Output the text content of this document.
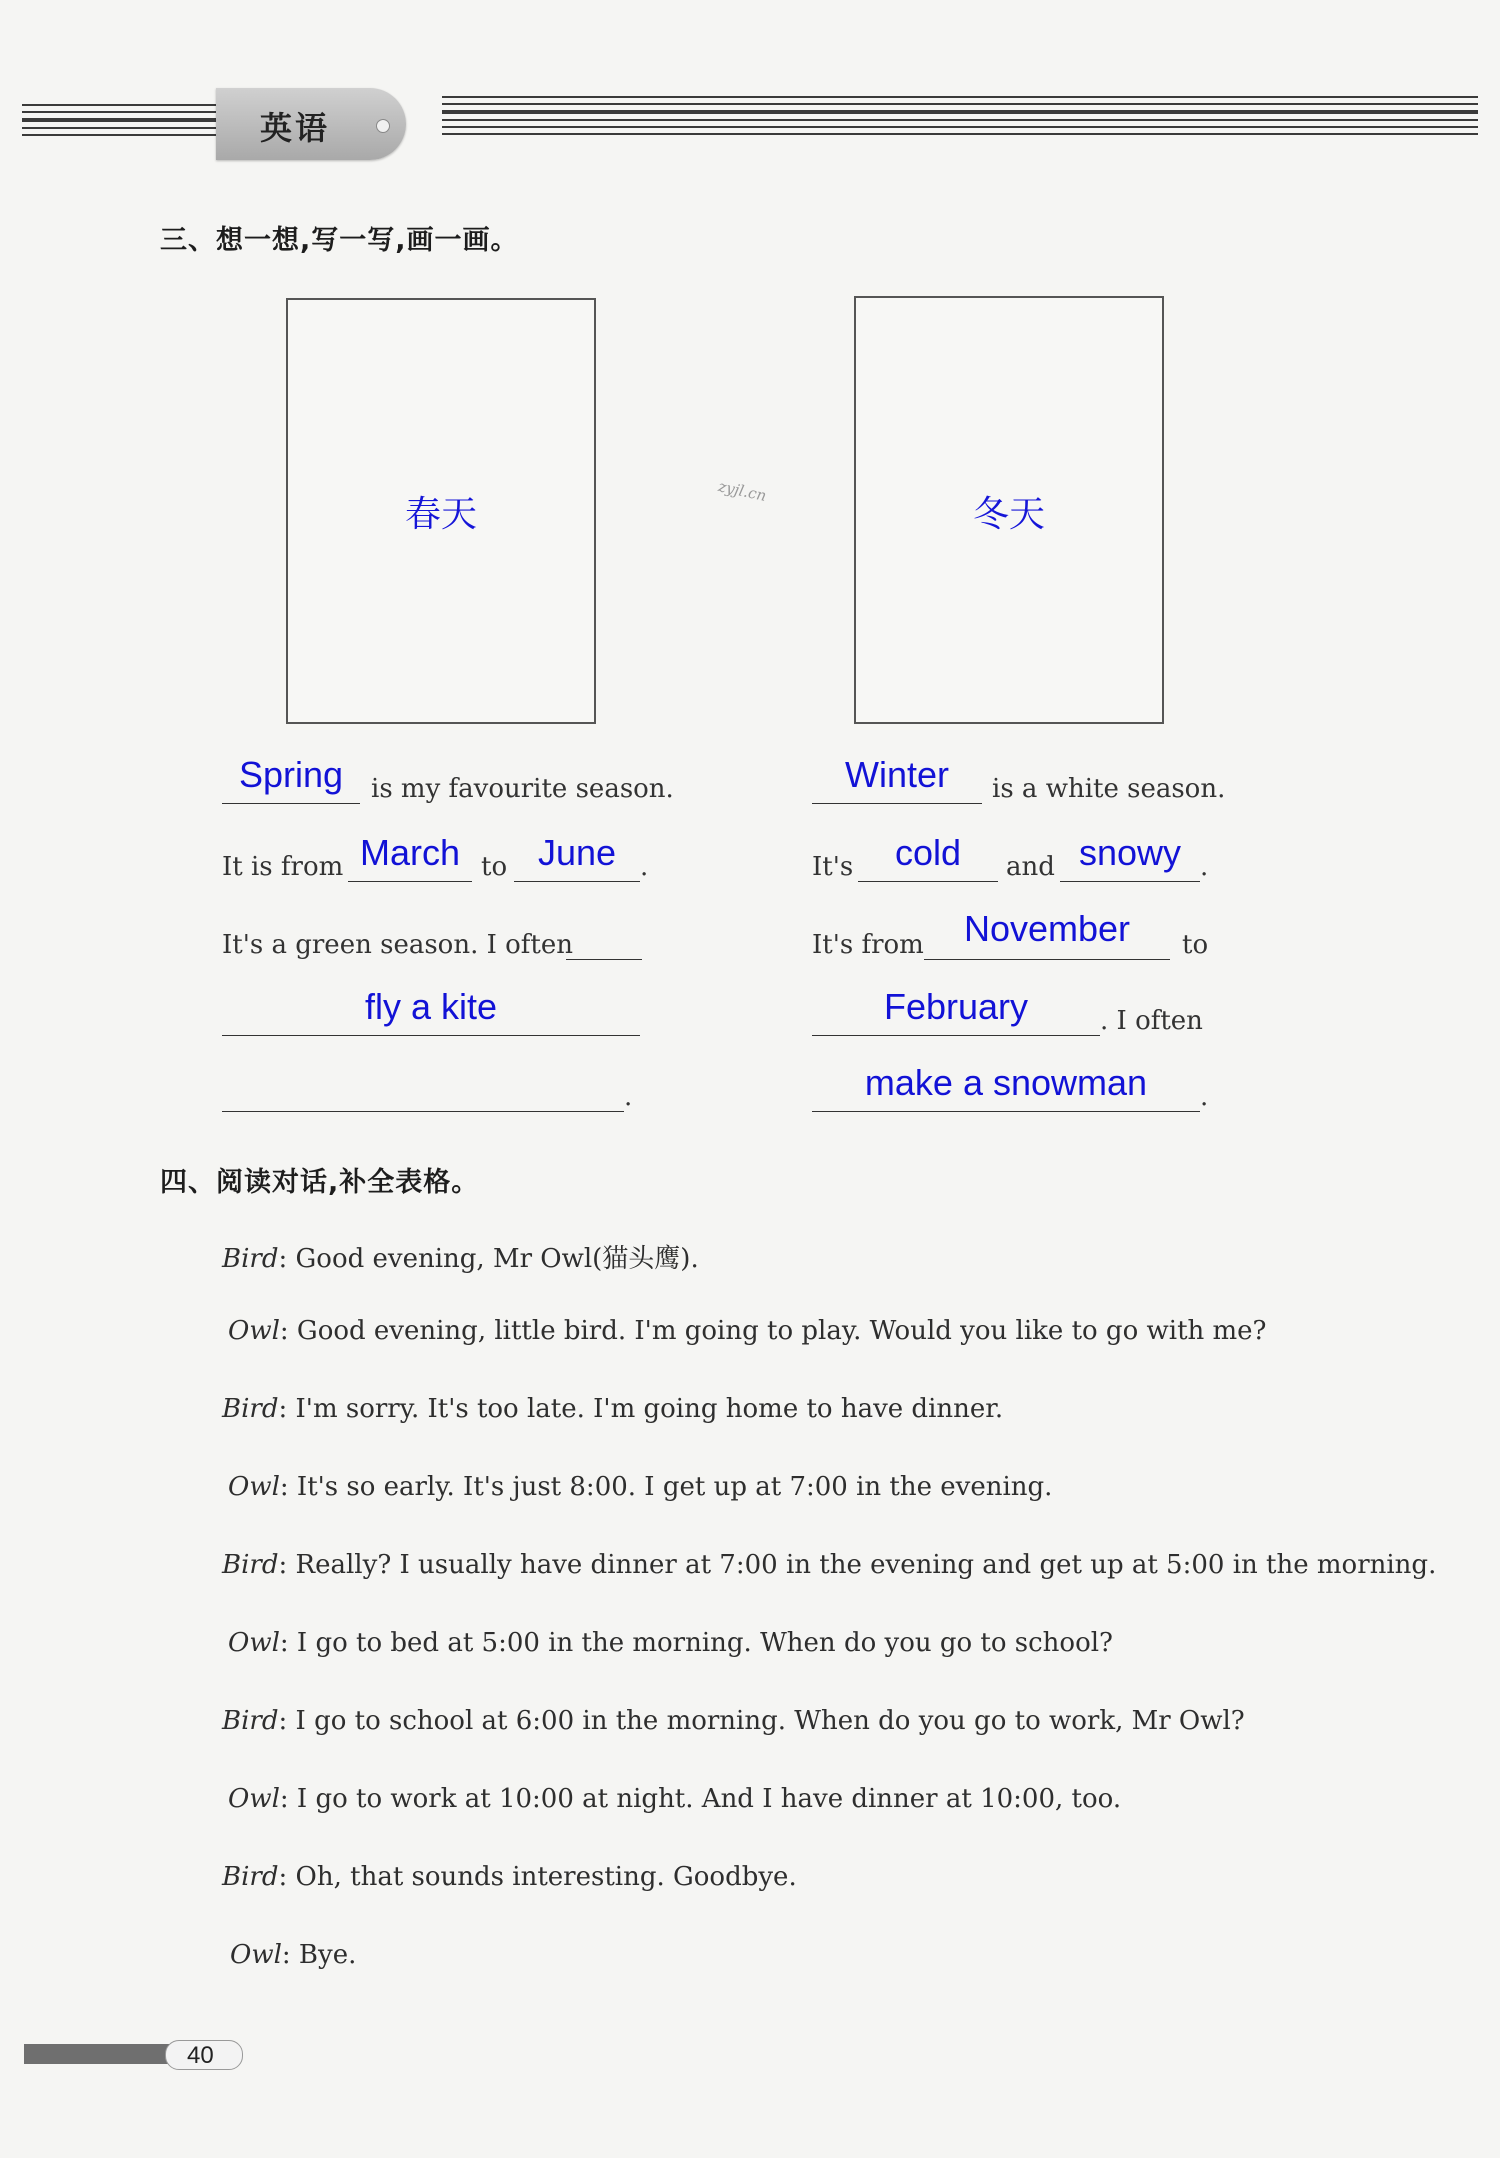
英语
三、想一想,写一写,画一画。
春天	冬天
zyjl.cn
Spring	is my favourite season.
It is from March to June .
It's a green season. I often
fly a kite
.
Winter	is a white season.
It's	cold	and snowy .
It's from	November	to
February	. I often
make a snowman	.
四、阅读对话,补全表格。
Bird: Good evening, Mr Owl(猫头鹰).
Owl: Good evening, little bird. I'm going to play. Would you like to go with me?
Bird: I'm sorry. It's too late. I'm going home to have dinner.
Owl: It's so early. It's just 8:00. I get up at 7:00 in the evening.
Bird: Really? I usually have dinner at 7:00 in the evening and get up at 5:00 in the morning.
Owl: I go to bed at 5:00 in the morning. When do you go to school?
Bird: I go to school at 6:00 in the morning. When do you go to work, Mr Owl?
Owl: I go to work at 10:00 at night. And I have dinner at 10:00, too.
Bird: Oh, that sounds interesting. Goodbye.
Owl: Bye.
40
